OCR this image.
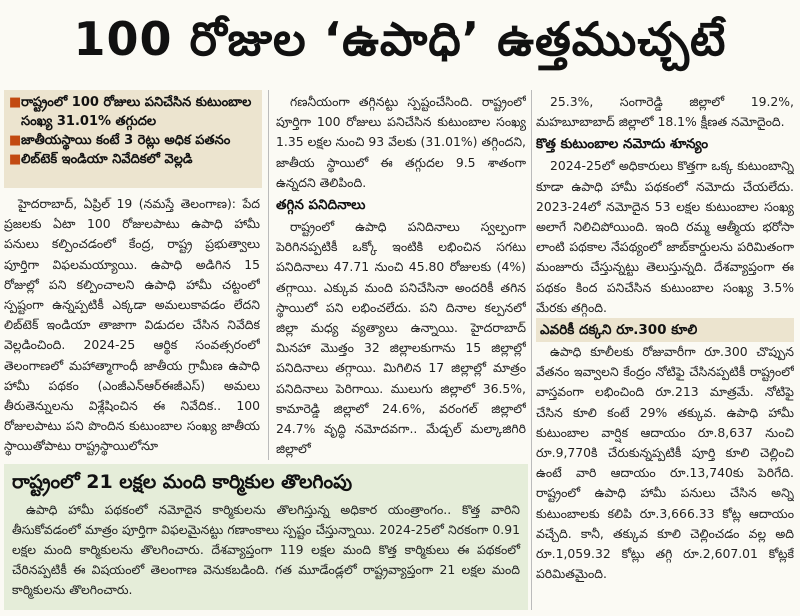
100 రోజుల ‘ఉపాధి’ ఉత్తముచ్చటే
■ రాష్ట్రంలో 100 రోజులు పనిచేసిన కుటుంబాల సంఖ్య 31.01% తగ్గుదల
■ జాతీయస్థాయి కంటే 3 రెట్లు అధిక పతనం
■ లిబ్‌టెక్‌ ఇండియా నివేదికలో వెల్లడి

హైదరాబాద్‌, ఏప్రిల్‌ 19 (నమస్తే తెలంగాణ): పేద ప్రజలకు ఏటా 100 రోజులపాటు ఉపాధి హామీ పనులు కల్పించడంలో కేంద్ర, రాష్ట్ర ప్రభుత్వాలు పూర్తిగా విఫలమయ్యాయి. ఉపాధి అడిగిన 15 రోజుల్లో పని కల్పించాలని ఉపాధి హామీ చట్టంలో స్పష్టంగా ఉన్నప్పటికీ ఎక్కడా అమలుకావడం లేదని లిబ్‌టెక్‌ ఇండియా తాజాగా విడుదల చేసిన నివేదిక వెల్లడించింది. 2024-25 ఆర్థిక సంవత్సరంలో తెలంగాణలో మహాత్మాగాంధీ జాతీయ గ్రామీణ ఉపాధి హామీ పథకం (ఎంజీఎన్‌ఆర్‌ఈజీఎస్‌) అమలు తీరుతెన్నులను విశ్లేషించిన ఈ నివేదిక.. 100 రోజులపాటు పని పొందిన కుటుంబాల సంఖ్య జాతీయ స్థాయితోపాటు రాష్ట్రస్థాయిలోనూ

గణనీయంగా తగ్గినట్టు స్పష్టంచేసింది. రాష్ట్రంలో పూర్తిగా 100 రోజులు పనిచేసిన కుటుంబాల సంఖ్య 1.35 లక్షల నుంచి 93 వేలకు (31.01%) తగ్గిందని, జాతీయ స్థాయిలో ఈ తగ్గుదల 9.5 శాతంగా ఉన్నదని తెలిపింది.

తగ్గిన పనిదినాలు

రాష్ట్రంలో ఉపాధి పనిదినాలు స్వల్పంగా పెరిగినప్పటికీ ఒక్కో ఇంటికి లభించిన సగటు పనిదినాలు 47.71 నుంచి 45.80 రోజులకు (4%) తగ్గాయి. ఎక్కువ మంది పనిచేసినా అందరికీ తగిన స్థాయిలో పని లభించలేదు. పని దినాల కల్పనలో జిల్లా మధ్య వ్యత్యాలు ఉన్నాయి. హైదరాబాద్‌ మినహా మొత్తం 32 జిల్లాలకుగాను 15 జిల్లాల్లో పనిదినాలు తగ్గాయి. మిగిలిన 17 జిల్లాల్లో మాత్రం పనిదినాలు పెరిగాయి. ములుగు జిల్లాలో 36.5%, కామారెడ్డి జిల్లాలో 24.6%, వరంగల్‌ జిల్లాలో 24.7% వృద్ధి నమోదవగా.. మేడ్చల్‌ మల్కాజిగిరి జిల్లాలో

25.3%, సంగారెడ్డి జిల్లాలో 19.2%, మహబూబాబాద్‌ జిల్లాలో 18.1% క్షీణత నమోదైంది.

కొత్త కుటుంబాల నమోదు శూన్యం

2024-25లో అధికారులు కొత్తగా ఒక్క కుటుంబాన్ని కూడా ఉపాధి హామీ పథకంలో నమోదు చేయలేదు. 2023-24లో నమోదైన 53 లక్షల కుటుంబాల సంఖ్య అలాగే నిలిచిపోయింది. ఇంది రమ్మ ఆత్మీయ భరోసా లాంటి పథకాల నేపథ్యంలో జాబ్‌కార్డులను పరిమితంగా మంజూరు చేస్తున్నట్టు తెలుస్తున్నది. దేశవ్యాప్తంగా ఈ పథకం కింద పనిచేసిన కుటుంబాల సంఖ్య 3.5% మేరకు తగ్గింది.

ఎవరికీ దక్కని రూ.300 కూలి

ఉపాధి కూలీలకు రోజువారీగా రూ.300 చొప్పున వేతనం ఇవ్వాలని కేంద్రం నోటిఫై చేసినప్పటికీ రాష్ట్రంలో వాస్తవంగా లభించింది రూ.213 మాత్రమే. నోటిఫై చేసిన కూలి కంటే 29% తక్కువ. ఉపాధి హామీ కుటుంబాల వార్షిక ఆదాయం రూ.8,637 నుంచి రూ.9,770కి చేరుకున్నప్పటికీ పూర్తి కూలి చెల్లించి ఉంటే వారి ఆదాయం రూ.13,740కు పెరిగేది. రాష్ట్రంలో ఉపాధి హామీ పనులు చేసిన అన్ని కుటుంబాలకు కలిపి రూ.3,666.33 కోట్ల ఆదాయం వచ్చేది. కానీ, తక్కువ కూలి చెల్లించడం వల్ల అది రూ.1,059.32 కోట్లు తగ్గి రూ.2,607.01 కోట్లకే పరిమితమైంది.

రాష్ట్రంలో 21 లక్షల మంది కార్మికుల తొలగింపు
ఉపాధి హామీ పథకంలో నమోదైన కార్మికులను తొలగిస్తున్న అధికార యంత్రాంగం.. కొత్త వారిని తీసుకోవడంలో మాత్రం పూర్తిగా విఫలమైనట్టు గణాంకాలు స్పష్టం చేస్తున్నాయి. 2024-25లో నిరకంగా 0.91 లక్షల మంది కార్మికులను తొలగించారు. దేశవ్యాప్తంగా 119 లక్షల మంది కొత్త కార్మికులు ఈ పథకంలో చేరినప్పటికీ ఈ విషయంలో తెలంగాణ వెనుకబడింది. గత మూడేండ్లలో రాష్ట్రవ్యాప్తంగా 21 లక్షల మంది కార్మికులను తొలగించారు.
